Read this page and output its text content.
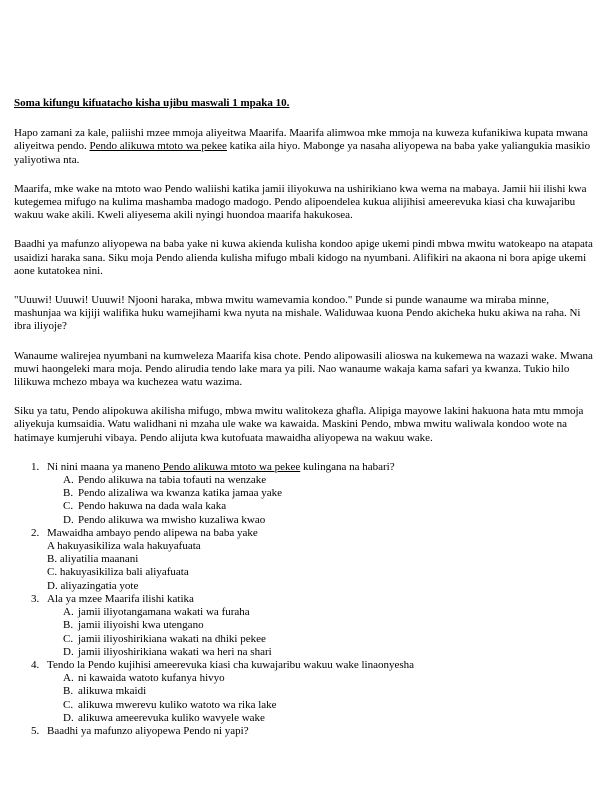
Soma kifungu kifuatacho kisha ujibu maswali 1 mpaka 10.

Hapo zamani za kale, paliishi mzee mmoja aliyeitwa Maarifa. Maarifa alimwoa mke mmoja na kuweza kufanikiwa kupata mwana aliyeitwa pendo. Pendo alikuwa mtoto wa pekee katika aila hiyo. Mabonge ya nasaha aliyopewa na baba yake yaliangukia masikio yaliyotiwa nta.

Maarifa, mke wake na mtoto wao Pendo waliishi katika jamii iliyokuwa na ushirikiano kwa wema na mabaya. Jamii hii ilishi kwa kutegemea mifugo na kulima mashamba madogo madogo. Pendo alipoendelea kukua alijihisi ameerevuka kiasi cha kuwajaribu wakuu wake akili. Kweli aliyesema akili nyingi huondoa maarifa hakukosea.

Baadhi ya mafunzo aliyopewa na baba yake ni kuwa akienda kulisha kondoo apige ukemi pindi mbwa mwitu watokeapo na atapata usaidizi haraka sana. Siku moja Pendo alienda kulisha mifugo mbali kidogo na nyumbani. Alifikiri na akaona ni bora apige ukemi aone kutatokea nini.

"Uuuwi! Uuuwi! Uuuwi! Njooni haraka, mbwa mwitu wamevamia kondoo." Punde si punde wanaume wa miraba minne, mashunjaa wa kijiji walifika huku wamejihami kwa nyuta na mishale. Waliduwaa kuona Pendo akicheka huku akiwa na raha. Ni ibra iliyoje?

Wanaume walirejea nyumbani na kumweleza Maarifa kisa chote. Pendo alipowasili alioswa na kukemewa na wazazi wake. Mwana muwi haongeleki mara moja. Pendo alirudia tendo lake mara ya pili. Nao wanaume wakaja kama safari ya kwanza. Tukio hilo lilikuwa mchezo mbaya wa kuchezea watu wazima.

Siku ya tatu, Pendo alipokuwa akilisha mifugo, mbwa mwitu walitokeza ghafla. Alipiga mayowe lakini hakuona hata mtu mmoja aliyekuja kumsaidia. Watu walidhani ni mzaha ule wake wa kawaida. Maskini Pendo, mbwa mwitu waliwala kondoo wote na hatimaye kumjeruhi vibaya. Pendo alijuta kwa kutofuata mawaidha aliyopewa na wakuu wake.

1. Ni nini maana ya maneno Pendo alikuwa mtoto wa pekee kulingana na habari?
A. Pendo alikuwa na tabia tofauti na wenzake
B. Pendo alizaliwa wa kwanza katika jamaa yake
C. Pendo hakuwa na dada wala kaka
D. Pendo alikuwa wa mwisho kuzaliwa kwao
2. Mawaidha ambayo pendo alipewa na baba yake
A hakuyasikiliza wala hakuyafuata
B. aliyatilia maanani
C. hakuyasikiliza bali aliyafuata
D. aliyazingatia yote
3. Ala ya mzee Maarifa ilishi katika
A. jamii iliyotangamana wakati wa furaha
B. jamii iliyoishi kwa utengano
C. jamii iliyoshirikiana wakati na dhiki pekee
D. jamii iliyoshirikiana wakati wa heri na shari
4. Tendo la Pendo kujihisi ameerevuka kiasi cha kuwajaribu wakuu wake linaonyesha
A. ni kawaida watoto kufanya hivyo
B. alikuwa mkaidi
C. alikuwa mwerevu kuliko watoto wa rika lake
D. alikuwa ameerevuka kuliko wavyele wake
5. Baadhi ya mafunzo aliyopewa Pendo ni yapi?
